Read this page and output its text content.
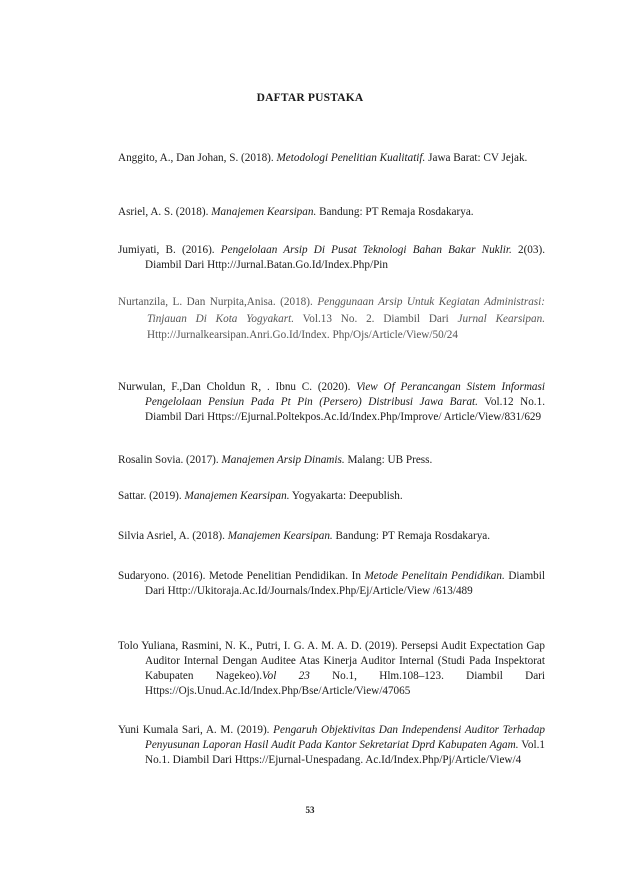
DAFTAR PUSTAKA
Anggito, A., Dan Johan, S. (2018). Metodologi Penelitian Kualitatif. Jawa Barat: CV Jejak.
Asriel, A. S. (2018). Manajemen Kearsipan. Bandung: PT Remaja Rosdakarya.
Jumiyati, B. (2016). Pengelolaan Arsip Di Pusat Teknologi Bahan Bakar Nuklir. 2(03). Diambil Dari Http://Jurnal.Batan.Go.Id/Index.Php/Pin
Nurtanzila, L. Dan Nurpita,Anisa. (2018). Penggunaan Arsip Untuk Kegiatan Administrasi: Tinjauan Di Kota Yogyakart. Vol.13 No. 2. Diambil Dari Jurnal Kearsipan. Http://Jurnalkearsipan.Anri.Go.Id/Index. Php/Ojs/Article/View/50/24
Nurwulan, F.,Dan Choldun R, . Ibnu C. (2020). View Of Perancangan Sistem Informasi Pengelolaan Pensiun Pada Pt Pin (Persero) Distribusi Jawa Barat. Vol.12 No.1. Diambil Dari Https://Ejurnal.Poltekpos.Ac.Id/Index.Php/Improve/ Article/View/831/629
Rosalin Sovia. (2017). Manajemen Arsip Dinamis. Malang: UB Press.
Sattar. (2019). Manajemen Kearsipan. Yogyakarta: Deepublish.
Silvia Asriel, A. (2018). Manajemen Kearsipan. Bandung: PT Remaja Rosdakarya.
Sudaryono. (2016). Metode Penelitian Pendidikan. In Metode Penelitain Pendidikan. Diambil Dari Http://Ukitoraja.Ac.Id/Journals/Index.Php/Ej/Article/View /613/489
Tolo Yuliana, Rasmini, N. K., Putri, I. G. A. M. A. D. (2019). Persepsi Audit Expectation Gap Auditor Internal Dengan Auditee Atas Kinerja Auditor Internal (Studi Pada Inspektorat Kabupaten Nagekeo).Vol 23 No.1, Hlm.108–123. Diambil Dari Https://Ojs.Unud.Ac.Id/Index.Php/Bse/Article/View/47065
Yuni Kumala Sari, A. M. (2019). Pengaruh Objektivitas Dan Independensi Auditor Terhadap Penyusunan Laporan Hasil Audit Pada Kantor Sekretariat Dprd Kabupaten Agam. Vol.1 No.1. Diambil Dari Https://Ejurnal-Unespadang. Ac.Id/Index.Php/Pj/Article/View/4
53
